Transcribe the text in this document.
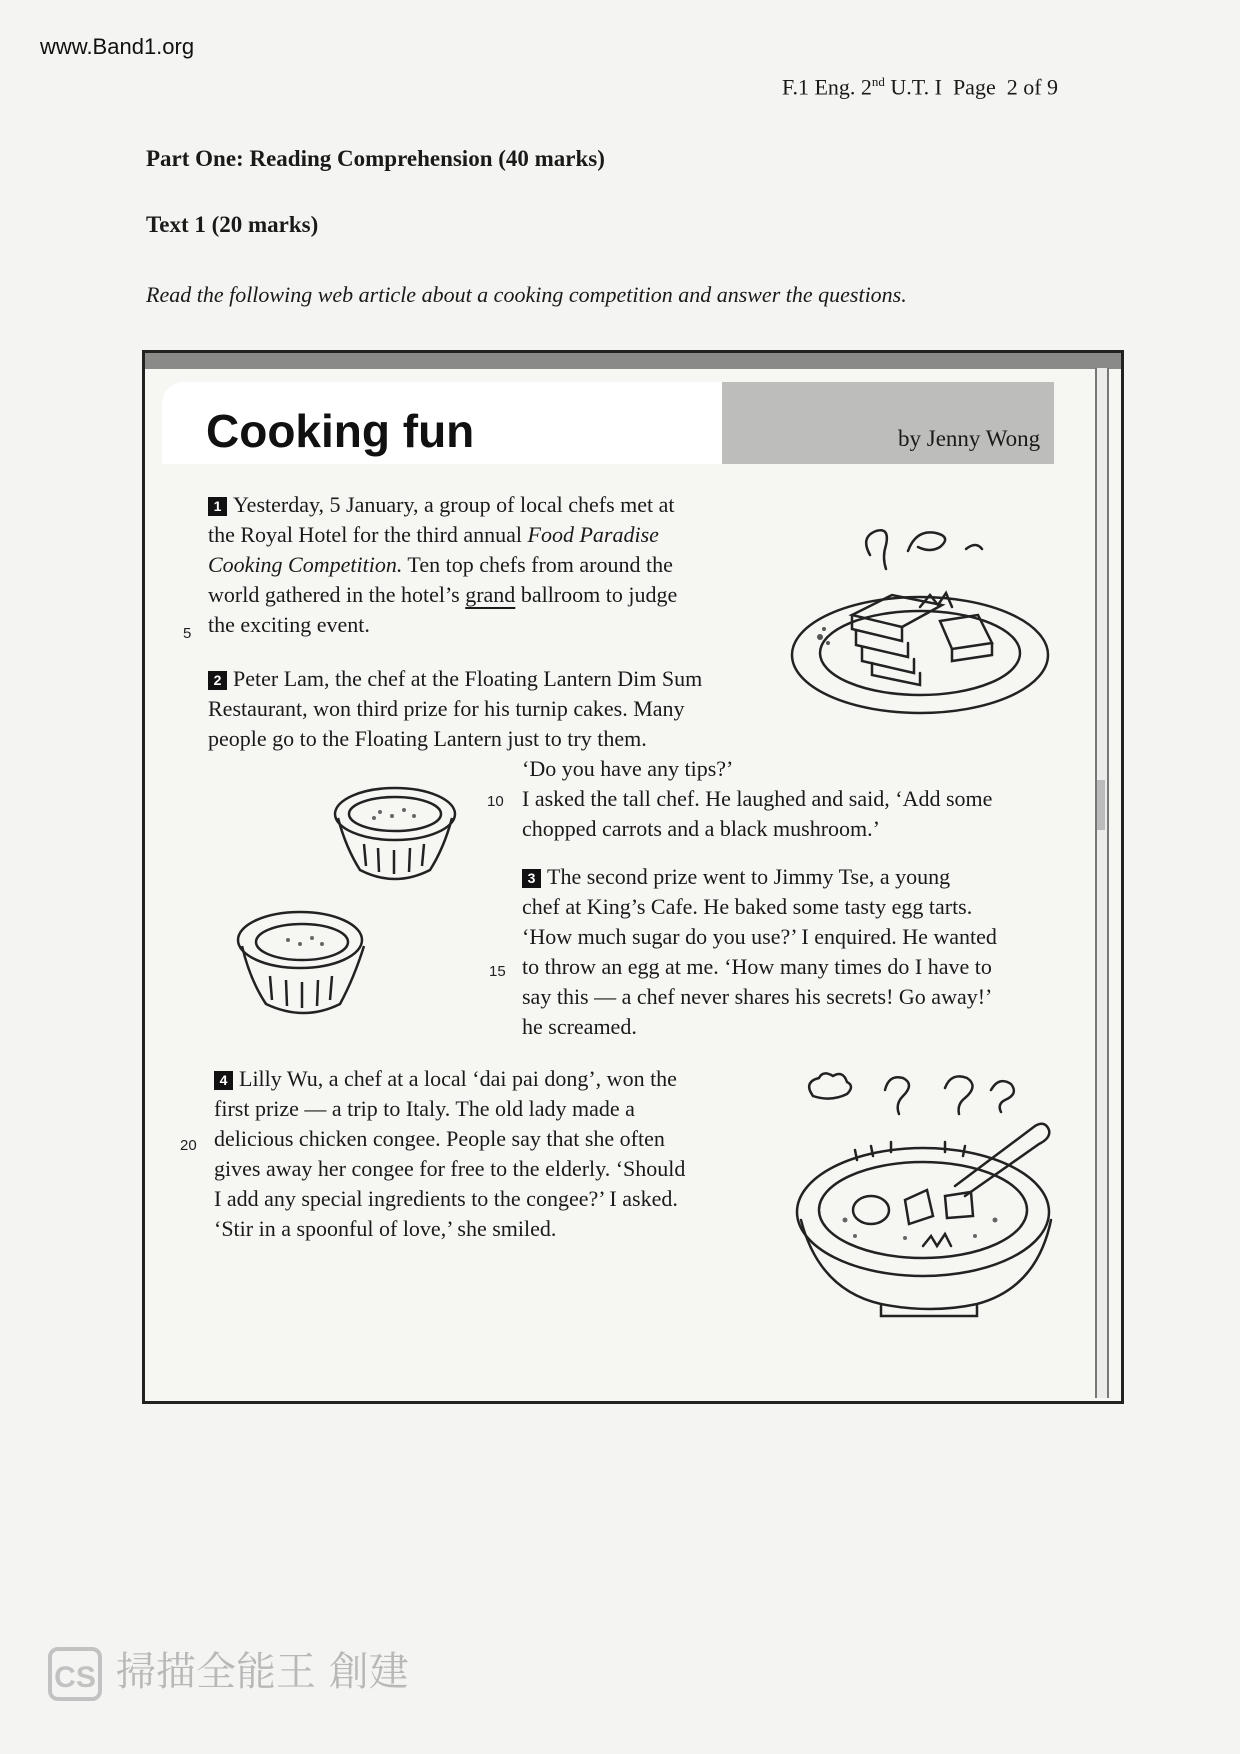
www.Band1.org
F.1 Eng. 2nd U.T. I  Page  2 of 9
Part One: Reading Comprehension (40 marks)
Text 1 (20 marks)
Read the following web article about a cooking competition and answer the questions.
Cooking fun	by Jenny Wong
1 Yesterday, 5 January, a group of local chefs met at
the Royal Hotel for the third annual Food Paradise
Cooking Competition. Ten top chefs from around the
world gathered in the hotel’s grand ballroom to judge
the exciting event.
5
2 Peter Lam, the chef at the Floating Lantern Dim Sum
Restaurant, won third prize for his turnip cakes. Many
people go to the Floating Lantern just to try them.
‘Do you have any tips?’
I asked the tall chef. He laughed and said, ‘Add some
chopped carrots and a black mushroom.’
10
3 The second prize went to Jimmy Tse, a young
chef at King’s Cafe. He baked some tasty egg tarts.
‘How much sugar do you use?’ I enquired. He wanted
to throw an egg at me. ‘How many times do I have to
say this — a chef never shares his secrets! Go away!’
he screamed.
15
4 Lilly Wu, a chef at a local ‘dai pai dong’, won the
first prize — a trip to Italy. The old lady made a
delicious chicken congee. People say that she often
gives away her congee for free to the elderly. ‘Should
I add any special ingredients to the congee?’ I asked.
‘Stir in a spoonful of love,’ she smiled.
20
CS 掃描全能王 創建
